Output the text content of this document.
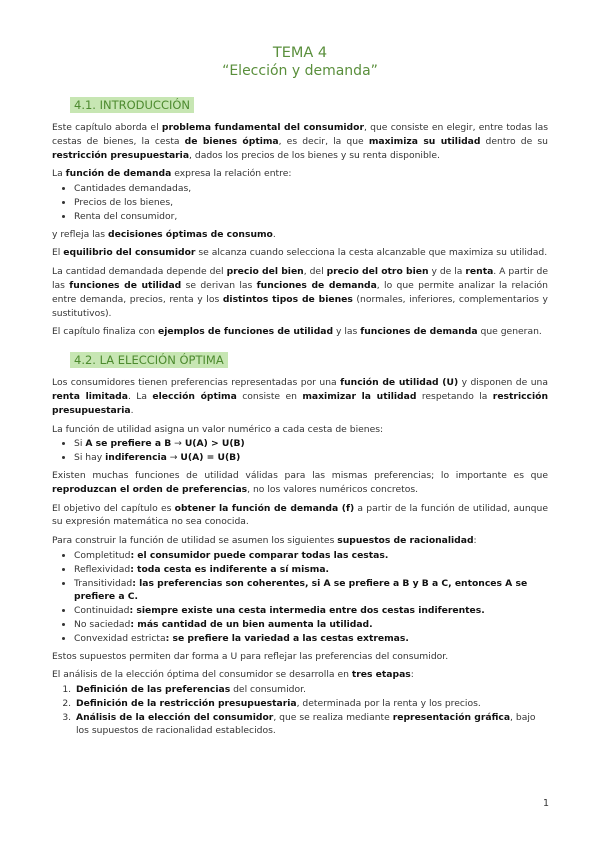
TEMA 4
“Elección y demanda”
4.1. INTRODUCCIÓN

Este capítulo aborda el problema fundamental del consumidor, que consiste en elegir, entre todas las cestas de bienes, la cesta de bienes óptima, es decir, la que maximiza su utilidad dentro de su restricción presupuestaria, dados los precios de los bienes y su renta disponible.

La función de demanda expresa la relación entre:

• Cantidades demandadas,
• Precios de los bienes,
• Renta del consumidor,

y refleja las decisiones óptimas de consumo.

El equilibrio del consumidor se alcanza cuando selecciona la cesta alcanzable que maximiza su utilidad.

La cantidad demandada depende del precio del bien, del precio del otro bien y de la renta. A partir de las funciones de utilidad se derivan las funciones de demanda, lo que permite analizar la relación entre demanda, precios, renta y los distintos tipos de bienes (normales, inferiores, complementarios y sustitutivos).

El capítulo finaliza con ejemplos de funciones de utilidad y las funciones de demanda que generan.

4.2. LA ELECCIÓN ÓPTIMA

Los consumidores tienen preferencias representadas por una función de utilidad (U) y disponen de una renta limitada. La elección óptima consiste en maximizar la utilidad respetando la restricción presupuestaria.

La función de utilidad asigna un valor numérico a cada cesta de bienes:

• Si A se prefiere a B → U(A) > U(B)
• Si hay indiferencia → U(A) = U(B)

Existen muchas funciones de utilidad válidas para las mismas preferencias; lo importante es que reproduzcan el orden de preferencias, no los valores numéricos concretos.

El objetivo del capítulo es obtener la función de demanda (f) a partir de la función de utilidad, aunque su expresión matemática no sea conocida.

Para construir la función de utilidad se asumen los siguientes supuestos de racionalidad:

• Completitud: el consumidor puede comparar todas las cestas.
• Reflexividad: toda cesta es indiferente a sí misma.
• Transitividad: las preferencias son coherentes, si A se prefiere a B y B a C, entonces A se prefiere a C.
• Continuidad: siempre existe una cesta intermedia entre dos cestas indiferentes.
• No saciedad: más cantidad de un bien aumenta la utilidad.
• Convexidad estricta: se prefiere la variedad a las cestas extremas.

Estos supuestos permiten dar forma a U para reflejar las preferencias del consumidor.

El análisis de la elección óptima del consumidor se desarrolla en tres etapas:

1. Definición de las preferencias del consumidor.
2. Definición de la restricción presupuestaria, determinada por la renta y los precios.
3. Análisis de la elección del consumidor, que se realiza mediante representación gráfica, bajo los supuestos de racionalidad establecidos.
1
